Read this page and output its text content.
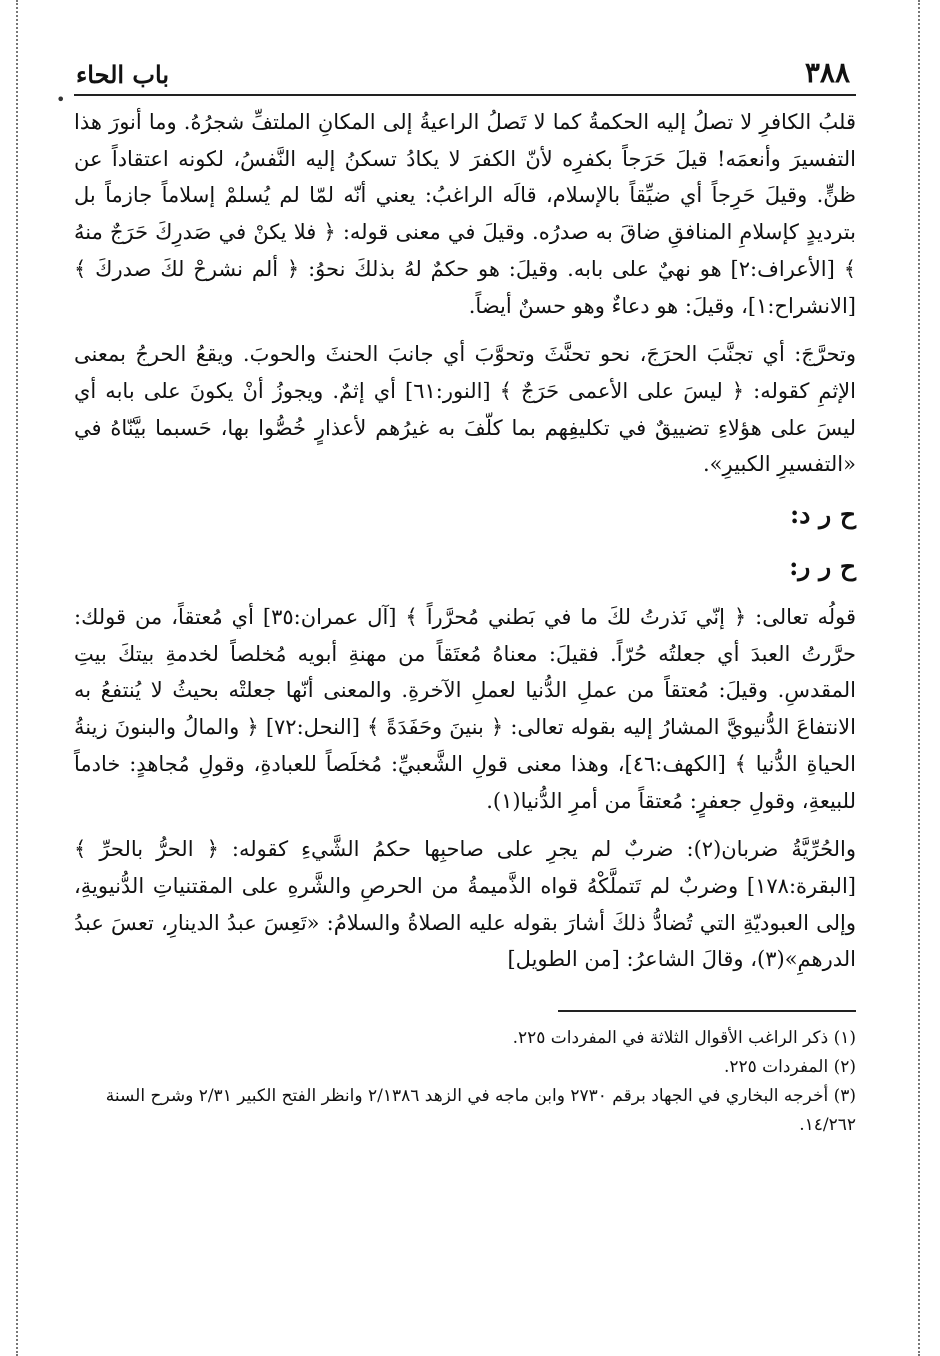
٣٨٨
باب الحاء
•

قلبُ الكافرِ لا تصلُ إليه الحكمةُ كما لا تَصلُ الراعيةُ إلى المكانِ الملتفِّ شجرُهُ. وما أنورَ هذا التفسيرَ وأنعمَه! قيلَ حَرَجاً بكفرِه لأنّ الكفرَ لا يكادُ تسكنُ إليه النَّفسُ، لكونه اعتقاداً عن ظنٍّ. وقيلَ حَرِجاً أي ضيِّقاً بالإسلام، قالَه الراغبُ: يعني أنّه لمّا لم يُسلمْ إسلاماً جازماً بل بترديدٍ كإسلامِ المنافقِ ضاقَ به صدرُه. وقيلَ في معنى قوله: ﴿ فلا يكنْ في صَدرِكَ حَرَجٌ منهُ ﴾ [الأعراف:٢] هو نهيٌ على بابه. وقيلَ: هو حكمٌ لهُ بذلكَ نحوُ: ﴿ ألم نشرحْ لكَ صدركَ ﴾ [الانشراح:١]، وقيلَ: هو دعاءٌ وهو حسنٌ أيضاً.

وتحرَّجَ: أي تجنَّبَ الحرَجَ، نحو تحنَّثَ وتحوَّبَ أي جانبَ الحنثَ والحوبَ. ويقعُ الحرجُ بمعنى الإثمِ كقوله: ﴿ ليسَ على الأعمى حَرَجٌ ﴾ [النور:٦١] أي إثمٌ. ويجوزُ أنْ يكونَ على بابه أي ليسَ على هؤلاءِ تضييقٌ في تكليفِهم بما كلّفَ به غيرُهم لأعذارٍ خُصُّوا بها، حَسبما بيَّنّاهُ في «التفسيرِ الكبيرِ».

ح ر د:

ح ر ر:

قولُه تعالى: ﴿ إنّي نَذرتُ لكَ ما في بَطني مُحرَّراً ﴾ [آل عمران:٣٥] أي مُعتقاً، من قولك: حرَّرتُ العبدَ أي جعلتُه حُرّاً. فقيلَ: معناهُ مُعتَقاً من مهنةِ أبويه مُخلصاً لخدمةِ بيتكَ بيتِ المقدسِ. وقيلَ: مُعتقاً من عملِ الدُّنيا لعملِ الآخرةِ. والمعنى أنّها جعلتْه بحيثُ لا يُنتفعُ به الانتفاعَ الدُّنيويَّ المشارُ إليه بقوله تعالى: ﴿ بنينَ وحَفَدَةً ﴾ [النحل:٧٢] ﴿ والمالُ والبنونَ زينةُ الحياةِ الدُّنيا ﴾ [الكهف:٤٦]، وهذا معنى قولِ الشَّعبيِّ: مُخلَصاً للعبادةِ، وقولِ مُجاهدٍ: خادماً للبيعةِ، وقولِ جعفرٍ: مُعتقاً من أمرِ الدُّنيا(١).

والحُرِّيَّةُ ضربان(٢): ضربٌ لم يجرِ على صاحبِها حكمُ الشَّيءِ كقوله: ﴿ الحرُّ بالحرِّ ﴾ [البقرة:١٧٨] وضربٌ لم تَتملَّكْهُ قواه الذَّميمةُ من الحرصِ والشَّرهِ على المقتنياتِ الدُّنيويةِ، وإلى العبوديّةِ التي تُضادُّ ذلكَ أشارَ بقوله عليه الصلاةُ والسلامُ: «تَعِسَ عبدُ الدينارِ، تعسَ عبدُ الدرهمِ»(٣)، وقالَ الشاعرُ: [من الطويل]

(١) ذكر الراغب الأقوال الثلاثة في المفردات ٢٢٥.

(٢) المفردات ٢٢٥.

(٣) أخرجه البخاري في الجهاد برقم ٢٧٣٠ وابن ماجه في الزهد ٢/١٣٨٦ وانظر الفتح الكبير ٢/٣١ وشرح السنة ١٤/٢٦٢.
